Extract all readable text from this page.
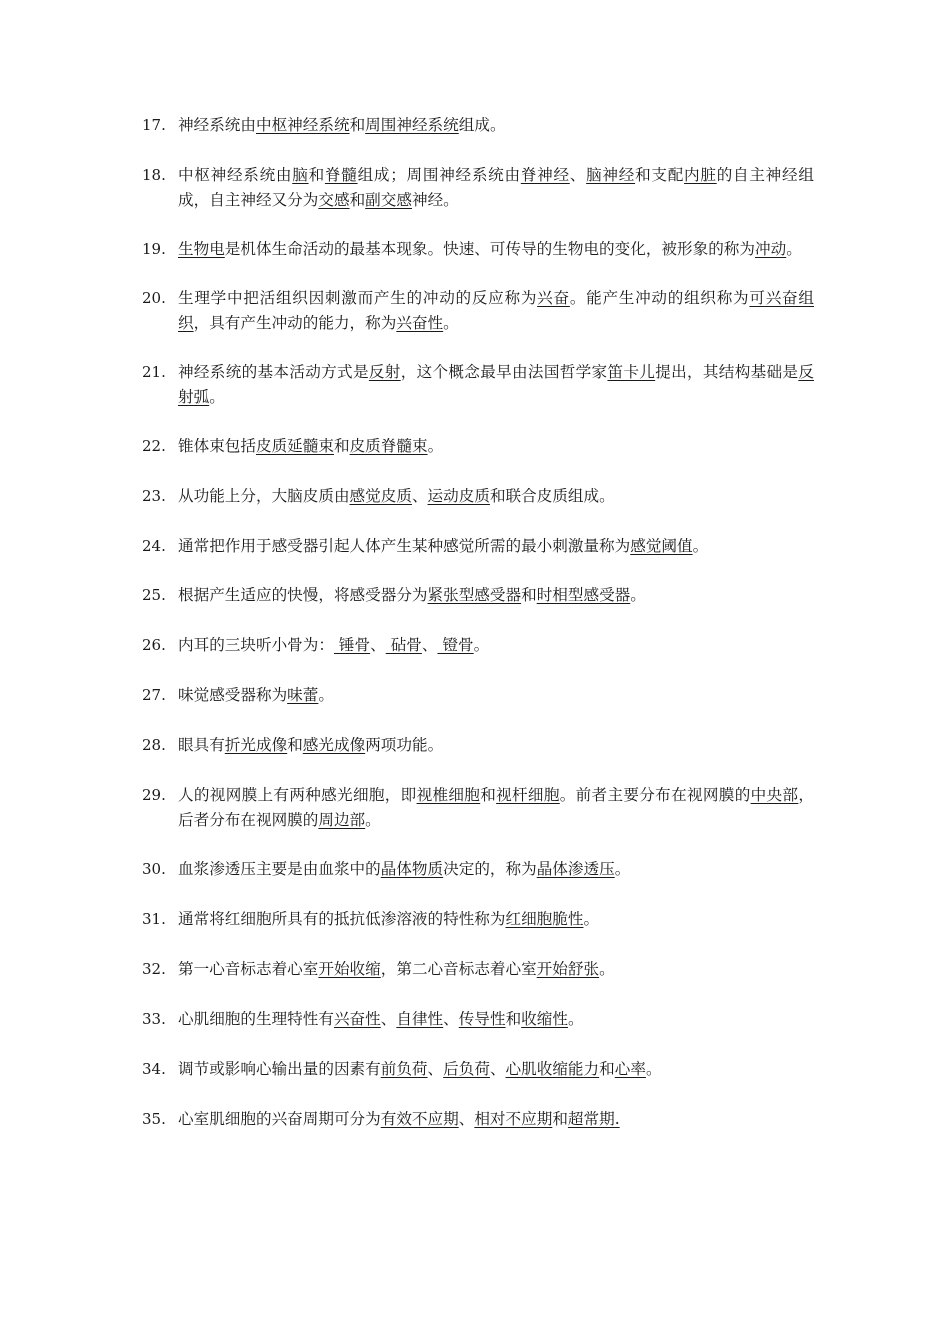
17. 神经系统由中枢神经系统和周围神经系统组成。
18. 中枢神经系统由脑和脊髓组成；周围神经系统由脊神经、脑神经和支配内脏的自主神经组成，自主神经又分为交感和副交感神经。
19. 生物电是机体生命活动的最基本现象。快速、可传导的生物电的变化，被形象的称为冲动。
20. 生理学中把活组织因刺激而产生的冲动的反应称为兴奋。能产生冲动的组织称为可兴奋组织，具有产生冲动的能力，称为兴奋性。
21. 神经系统的基本活动方式是反射，这个概念最早由法国哲学家笛卡儿提出，其结构基础是反射弧。
22. 锥体束包括皮质延髓束和皮质脊髓束。
23. 从功能上分，大脑皮质由感觉皮质、运动皮质和联合皮质组成。
24. 通常把作用于感受器引起人体产生某种感觉所需的最小刺激量称为感觉阈值。
25. 根据产生适应的快慢，将感受器分为紧张型感受器和时相型感受器。
26. 内耳的三块听小骨为： 锤骨、 砧骨、 镫骨。
27. 味觉感受器称为味蕾。
28. 眼具有折光成像和感光成像两项功能。
29. 人的视网膜上有两种感光细胞，即视椎细胞和视杆细胞。前者主要分布在视网膜的中央部，后者分布在视网膜的周边部。
30. 血浆渗透压主要是由血浆中的晶体物质决定的，称为晶体渗透压。
31. 通常将红细胞所具有的抵抗低渗溶液的特性称为红细胞脆性。
32. 第一心音标志着心室开始收缩，第二心音标志着心室开始舒张。
33. 心肌细胞的生理特性有兴奋性、自律性、传导性和收缩性。
34. 调节或影响心输出量的因素有前负荷、后负荷、心肌收缩能力和心率。
35. 心室肌细胞的兴奋周期可分为有效不应期、相对不应期和超常期.
